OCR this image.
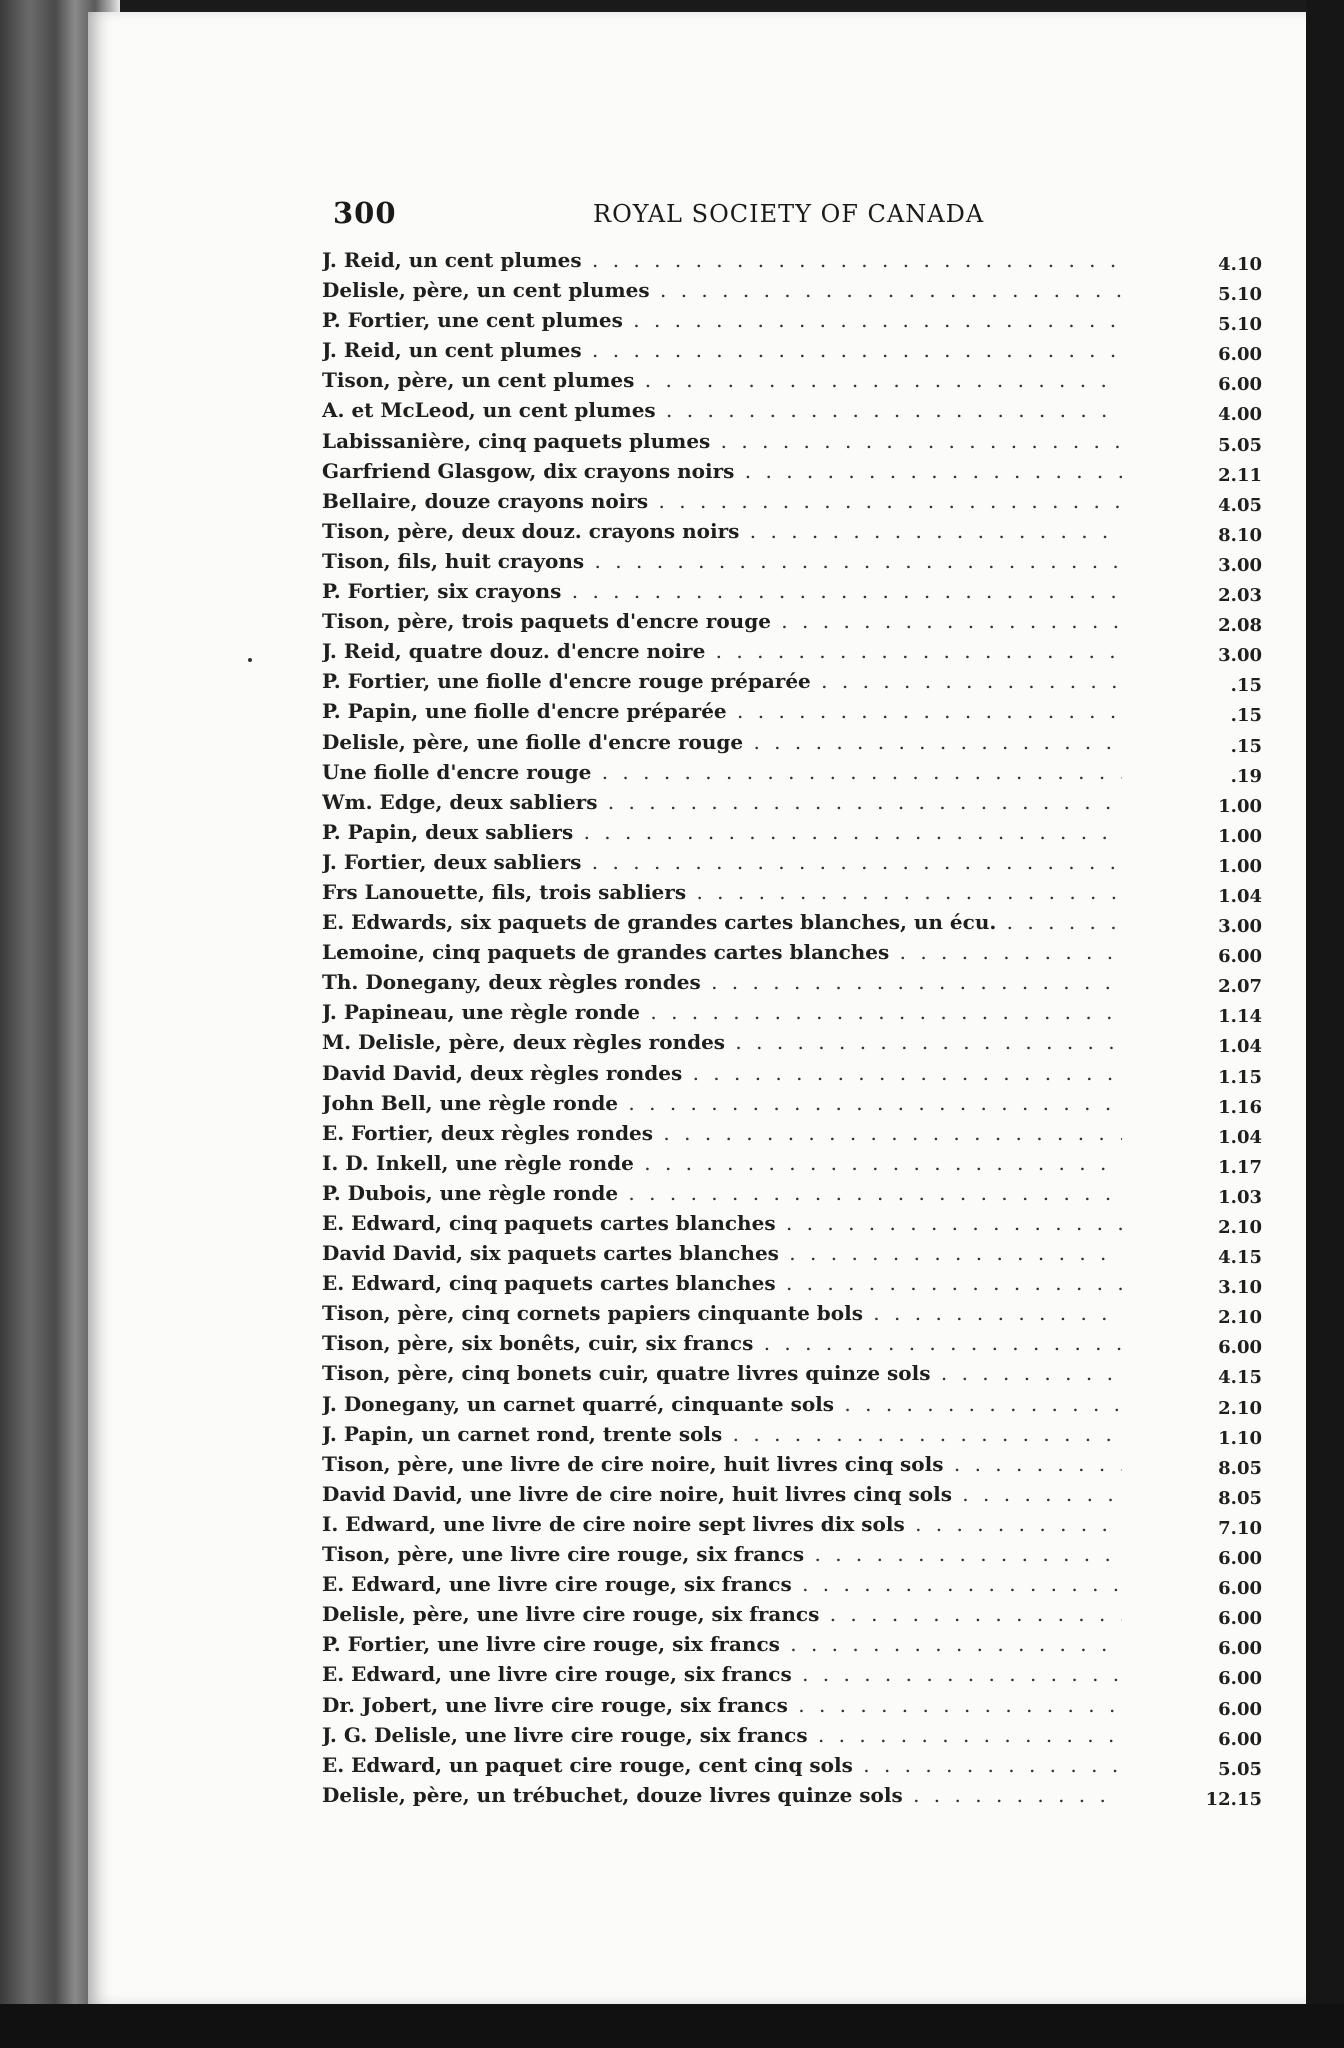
300	ROYAL SOCIETY OF CANADA
J. Reid, un cent plumes . . .	4.10
Delisle, père, un cent plumes . . .	5.10
P. Fortier, une cent plumes . . .	5.10
J. Reid, un cent plumes . . .	6.00
Tison, père, un cent plumes . . .	6.00
A. et McLeod, un cent plumes . . .	4.00
Labissanière, cinq paquets plumes . . .	5.05
Garfriend Glasgow, dix crayons noirs . . .	2.11
Bellaire, douze crayons noirs . . .	4.05
Tison, père, deux douz. crayons noirs . . .	8.10
Tison, fils, huit crayons . . .	3.00
P. Fortier, six crayons . . .	2.03
Tison, père, trois paquets d'encre rouge . . .	2.08
J. Reid, quatre douz. d'encre noire . . .	3.00
P. Fortier, une fiolle d'encre rouge préparée . . .	.15
P. Papin, une fiolle d'encre préparée . . .	.15
Delisle, père, une fiolle d'encre rouge . . .	.15
Une fiolle d'encre rouge . . .	.19
Wm. Edge, deux sabliers . . .	1.00
P. Papin, deux sabliers . . .	1.00
J. Fortier, deux sabliers . . .	1.00
Frs Lanouette, fils, trois sabliers . . .	1.04
E. Edwards, six paquets de grandes cartes blanches, un écu. . . .	3.00
Lemoine, cinq paquets de grandes cartes blanches . . .	6.00
Th. Donegany, deux règles rondes . . .	2.07
J. Papineau, une règle ronde . . .	1.14
M. Delisle, père, deux règles rondes . . .	1.04
David David, deux règles rondes . . .	1.15
John Bell, une règle ronde . . .	1.16
E. Fortier, deux règles rondes . . .	1.04
I. D. Inkell, une règle ronde . . .	1.17
P. Dubois, une règle ronde . . .	1.03
E. Edward, cinq paquets cartes blanches . . .	2.10
David David, six paquets cartes blanches . . .	4.15
E. Edward, cinq paquets cartes blanches . . .	3.10
Tison, père, cinq cornets papiers cinquante bols . . .	2.10
Tison, père, six bonêts, cuir, six francs . . .	6.00
Tison, père, cinq bonets cuir, quatre livres quinze sols . . .	4.15
J. Donegany, un carnet quarré, cinquante sols . . .	2.10
J. Papin, un carnet rond, trente sols . . .	1.10
Tison, père, une livre de cire noire, huit livres cinq sols . . .	8.05
David David, une livre de cire noire, huit livres cinq sols . . .	8.05
I. Edward, une livre de cire noire sept livres dix sols . . .	7.10
Tison, père, une livre cire rouge, six francs . . .	6.00
E. Edward, une livre cire rouge, six francs . . .	6.00
Delisle, père, une livre cire rouge, six francs . . .	6.00
P. Fortier, une livre cire rouge, six francs . . .	6.00
E. Edward, une livre cire rouge, six francs . . .	6.00
Dr. Jobert, une livre cire rouge, six francs . . .	6.00
J. G. Delisle, une livre cire rouge, six francs . . .	6.00
E. Edward, un paquet cire rouge, cent cinq sols . . .	5.05
Delisle, père, un trébuchet, douze livres quinze sols . . .	12.15
